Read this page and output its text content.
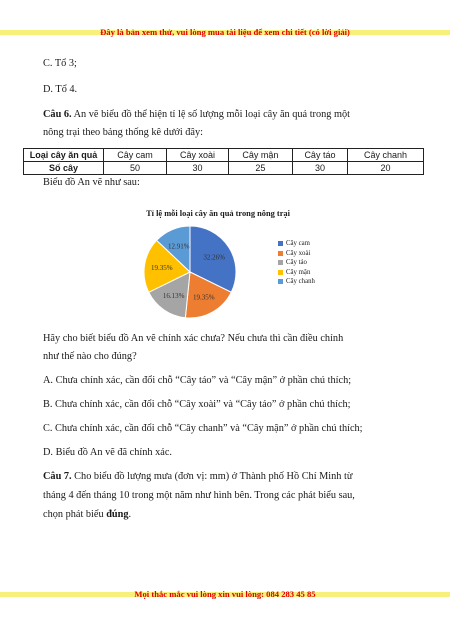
Đây là bản xem thử, vui lòng mua tài liệu để xem chi tiết (có lời giải)
C. Tổ 3;
D. Tổ 4.
Câu 6. An vẽ biểu đồ thể hiện tỉ lệ số lượng mỗi loại cây ăn quả trong một
nông trại theo bảng thống kê dưới đây:
Loại cây ăn quả	Cây cam	Cây xoài	Cây mận	Cây táo	Cây chanh
Số cây	50	30	25	30	20
Biểu đồ An vẽ như sau:
Tỉ lệ mỗi loại cây ăn quả trong nông trại
32.26%
19.35%
16.13%
19.35%
12.91%	Cây cam
Cây xoài
Cây táo
Cây mận
Cây chanh
Hãy cho biết biểu đồ An vẽ chính xác chưa? Nếu chưa thì cần điều chỉnh
như thế nào cho đúng?
A. Chưa chính xác, cần đổi chỗ “Cây táo” và “Cây mận” ở phần chú thích;
B. Chưa chính xác, cần đổi chỗ “Cây xoài” và “Cây táo” ở phần chú thích;
C. Chưa chính xác, cần đổi chỗ “Cây chanh” và “Cây mận” ở phần chú thích;
D. Biểu đồ An vẽ đã chính xác.
Câu 7. Cho biểu đồ lượng mưa (đơn vị: mm) ở Thành phố Hồ Chí Minh từ
tháng 4 đến tháng 10 trong một năm như hình bên. Trong các phát biểu sau,
chọn phát biểu đúng.
Mọi thắc mắc vui lòng xin vui lòng: 084 283 45 85
